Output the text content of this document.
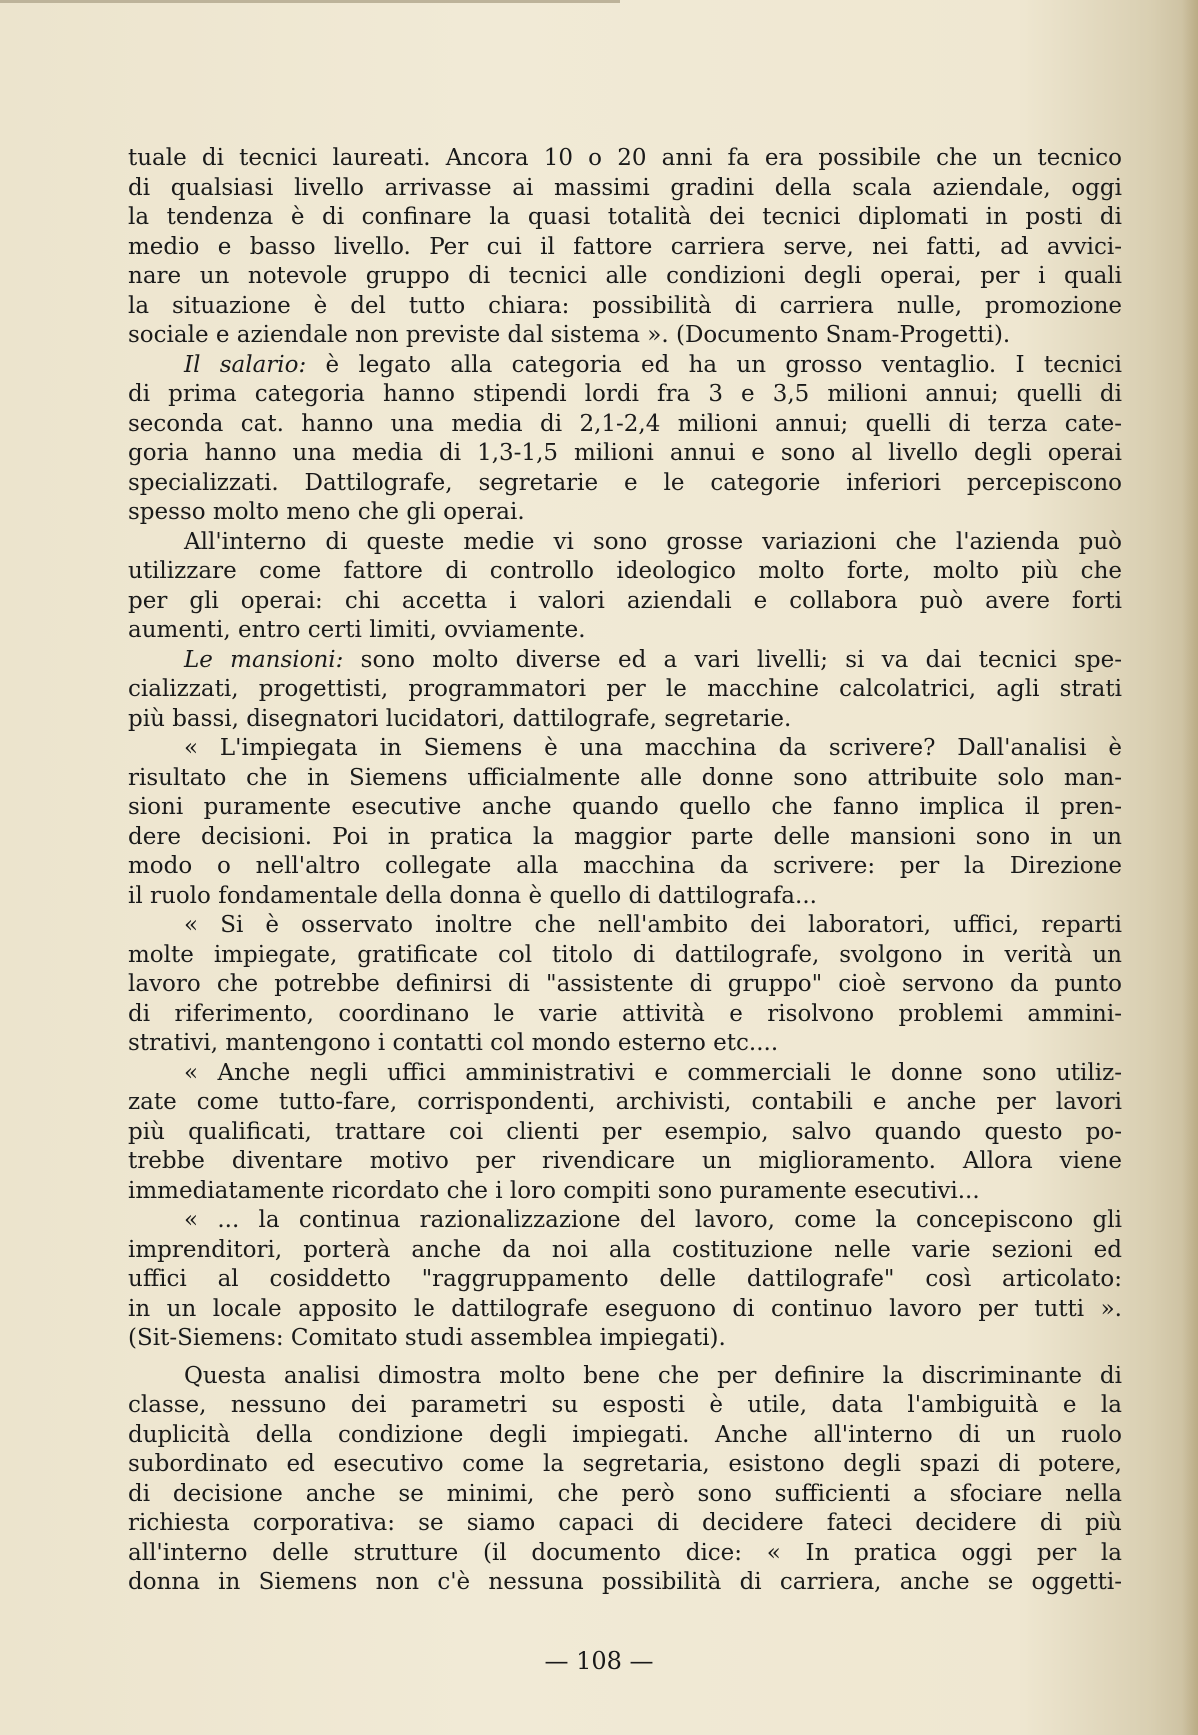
tuale di tecnici laureati. Ancora 10 o 20 anni fa era possibile che un tecnico
di qualsiasi livello arrivasse ai massimi gradini della scala aziendale, oggi
la tendenza è di confinare la quasi totalità dei tecnici diplomati in posti di
medio e basso livello. Per cui il fattore carriera serve, nei fatti, ad avvici-
nare un notevole gruppo di tecnici alle condizioni degli operai, per i quali
la situazione è del tutto chiara: possibilità di carriera nulle, promozione
sociale e aziendale non previste dal sistema ». (Documento Snam-Progetti).
Il salario: è legato alla categoria ed ha un grosso ventaglio. I tecnici
di prima categoria hanno stipendi lordi fra 3 e 3,5 milioni annui; quelli di
seconda cat. hanno una media di 2,1-2,4 milioni annui; quelli di terza cate-
goria hanno una media di 1,3-1,5 milioni annui e sono al livello degli operai
specializzati. Dattilografe, segretarie e le categorie inferiori percepiscono
spesso molto meno che gli operai.
All'interno di queste medie vi sono grosse variazioni che l'azienda può
utilizzare come fattore di controllo ideologico molto forte, molto più che
per gli operai: chi accetta i valori aziendali e collabora può avere forti
aumenti, entro certi limiti, ovviamente.
Le mansioni: sono molto diverse ed a vari livelli; si va dai tecnici spe-
cializzati, progettisti, programmatori per le macchine calcolatrici, agli strati
più bassi, disegnatori lucidatori, dattilografe, segretarie.
« L'impiegata in Siemens è una macchina da scrivere? Dall'analisi è
risultato che in Siemens ufficialmente alle donne sono attribuite solo man-
sioni puramente esecutive anche quando quello che fanno implica il pren-
dere decisioni. Poi in pratica la maggior parte delle mansioni sono in un
modo o nell'altro collegate alla macchina da scrivere: per la Direzione
il ruolo fondamentale della donna è quello di dattilografa...
« Si è osservato inoltre che nell'ambito dei laboratori, uffici, reparti
molte impiegate, gratificate col titolo di dattilografe, svolgono in verità un
lavoro che potrebbe definirsi di "assistente di gruppo" cioè servono da punto
di riferimento, coordinano le varie attività e risolvono problemi ammini-
strativi, mantengono i contatti col mondo esterno etc....
« Anche negli uffici amministrativi e commerciali le donne sono utiliz-
zate come tutto-fare, corrispondenti, archivisti, contabili e anche per lavori
più qualificati, trattare coi clienti per esempio, salvo quando questo po-
trebbe diventare motivo per rivendicare un miglioramento. Allora viene
immediatamente ricordato che i loro compiti sono puramente esecutivi...
« ... la continua razionalizzazione del lavoro, come la concepiscono gli
imprenditori, porterà anche da noi alla costituzione nelle varie sezioni ed
uffici al cosiddetto "raggruppamento delle dattilografe" così articolato:
in un locale apposito le dattilografe eseguono di continuo lavoro per tutti ».
(Sit-Siemens: Comitato studi assemblea impiegati).
Questa analisi dimostra molto bene che per definire la discriminante di
classe, nessuno dei parametri su esposti è utile, data l'ambiguità e la
duplicità della condizione degli impiegati. Anche all'interno di un ruolo
subordinato ed esecutivo come la segretaria, esistono degli spazi di potere,
di decisione anche se minimi, che però sono sufficienti a sfociare nella
richiesta corporativa: se siamo capaci di decidere fateci decidere di più
all'interno delle strutture (il documento dice: « In pratica oggi per la
donna in Siemens non c'è nessuna possibilità di carriera, anche se oggetti-
— 108 —
